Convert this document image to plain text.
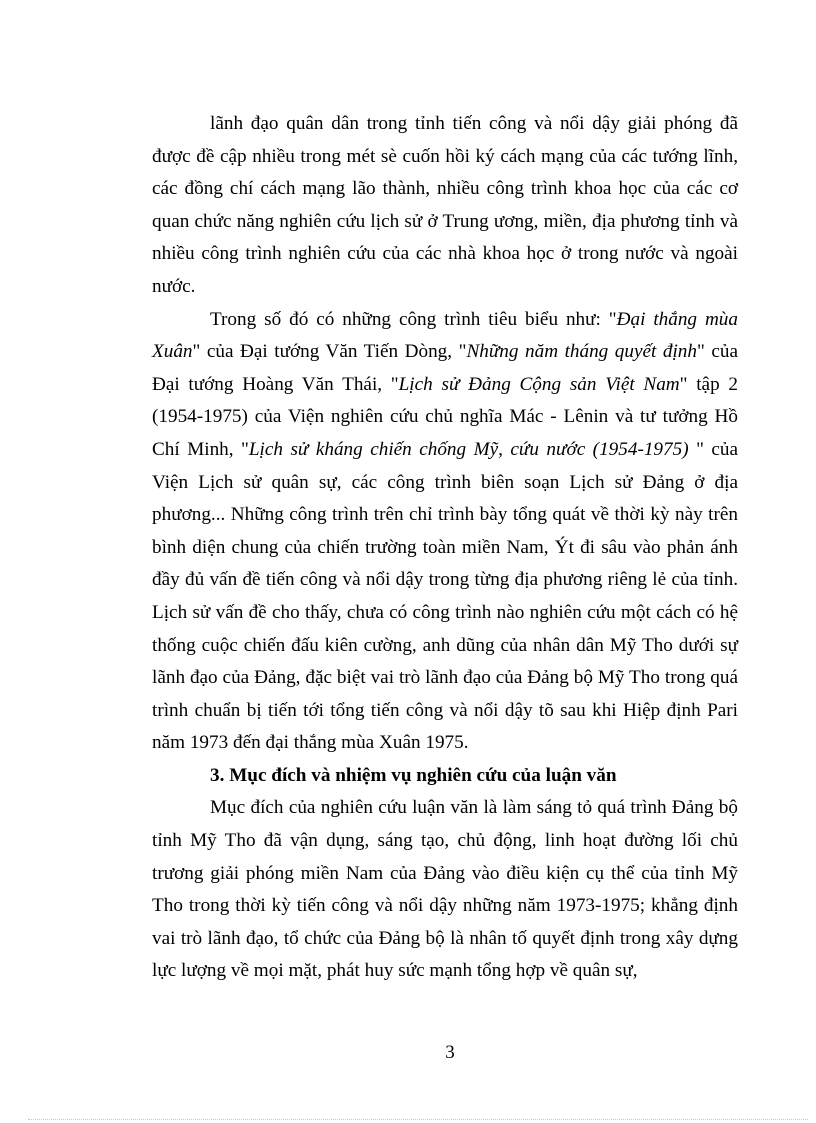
lãnh đạo quân dân trong tỉnh tiến công và nổi dậy giải phóng đã được đề cập nhiều trong mét sè cuốn hồi ký cách mạng của các tướng lĩnh, các đồng chí cách mạng lão thành, nhiều công trình khoa học của các cơ quan chức năng nghiên cứu lịch sử ở Trung ương, miền, địa phương tỉnh và nhiều công trình nghiên cứu của các nhà khoa học ở trong nước và ngoài nước.

Trong số đó có những công trình tiêu biểu như: "Đại thắng mùa Xuân" của Đại tướng Văn Tiến Dòng, "Những năm tháng quyết định" của Đại tướng Hoàng Văn Thái, "Lịch sử Đảng Cộng sản Việt Nam" tập 2 (1954-1975) của Viện nghiên cứu chủ nghĩa Mác - Lênin và tư tưởng Hồ Chí Minh, "Lịch sử kháng chiến chống Mỹ, cứu nước (1954-1975) " của Viện Lịch sử quân sự, các công trình biên soạn Lịch sử Đảng ở địa phương... Những công trình trên chỉ trình bày tổng quát về thời kỳ này trên bình diện chung của chiến trường toàn miền Nam, Ýt đi sâu vào phản ánh đầy đủ vấn đề tiến công và nổi dậy trong từng địa phương riêng lẻ của tỉnh. Lịch sử vấn đề cho thấy, chưa có công trình nào nghiên cứu một cách có hệ thống cuộc chiến đấu kiên cường, anh dũng của nhân dân Mỹ Tho dưới sự lãnh đạo của Đảng, đặc biệt vai trò lãnh đạo của Đảng bộ Mỹ Tho trong quá trình chuẩn bị tiến tới tổng tiến công và nổi dậy tõ sau khi Hiệp định Pari năm 1973 đến đại thắng mùa Xuân 1975.

3. Mục đích và nhiệm vụ nghiên cứu của luận văn

Mục đích của nghiên cứu luận văn là làm sáng tỏ quá trình Đảng bộ tỉnh Mỹ Tho đã vận dụng, sáng tạo, chủ động, linh hoạt đường lối chủ trương giải phóng miền Nam của Đảng vào điều kiện cụ thể của tỉnh Mỹ Tho trong thời kỳ tiến công và nổi dậy những năm 1973-1975; khẳng định vai trò lãnh đạo, tổ chức của Đảng bộ là nhân tố quyết định trong xây dựng lực lượng về mọi mặt, phát huy sức mạnh tổng hợp về quân sự,

3
